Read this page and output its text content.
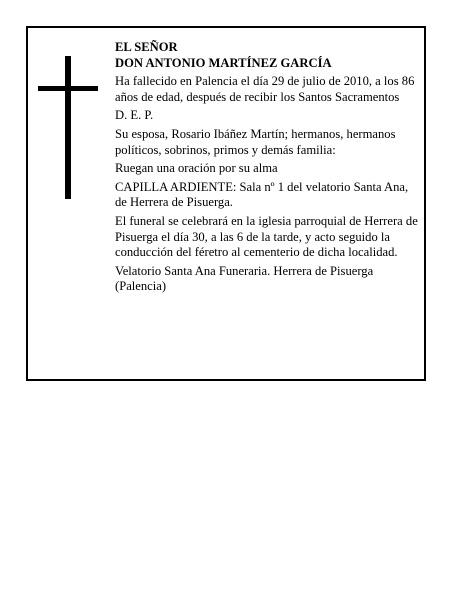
EL SEÑOR

DON ANTONIO MARTÍNEZ GARCÍA

Ha fallecido en Palencia el día 29 de julio de 2010, a los 86 años de edad, después de recibir los Santos Sacramentos

D. E. P.

Su esposa, Rosario Ibáñez Martín; hermanos, hermanos políticos, sobrinos, primos y demás familia:

Ruegan una oración por su alma

CAPILLA ARDIENTE: Sala nº 1 del velatorio Santa Ana, de Herrera de Pisuerga.

El funeral se celebrará en la iglesia parroquial de Herrera de Pisuerga el día 30, a las 6 de la tarde, y acto seguido la conducción del féretro al cementerio de dicha localidad.

Velatorio Santa Ana Funeraria. Herrera de Pisuerga (Palencia)
